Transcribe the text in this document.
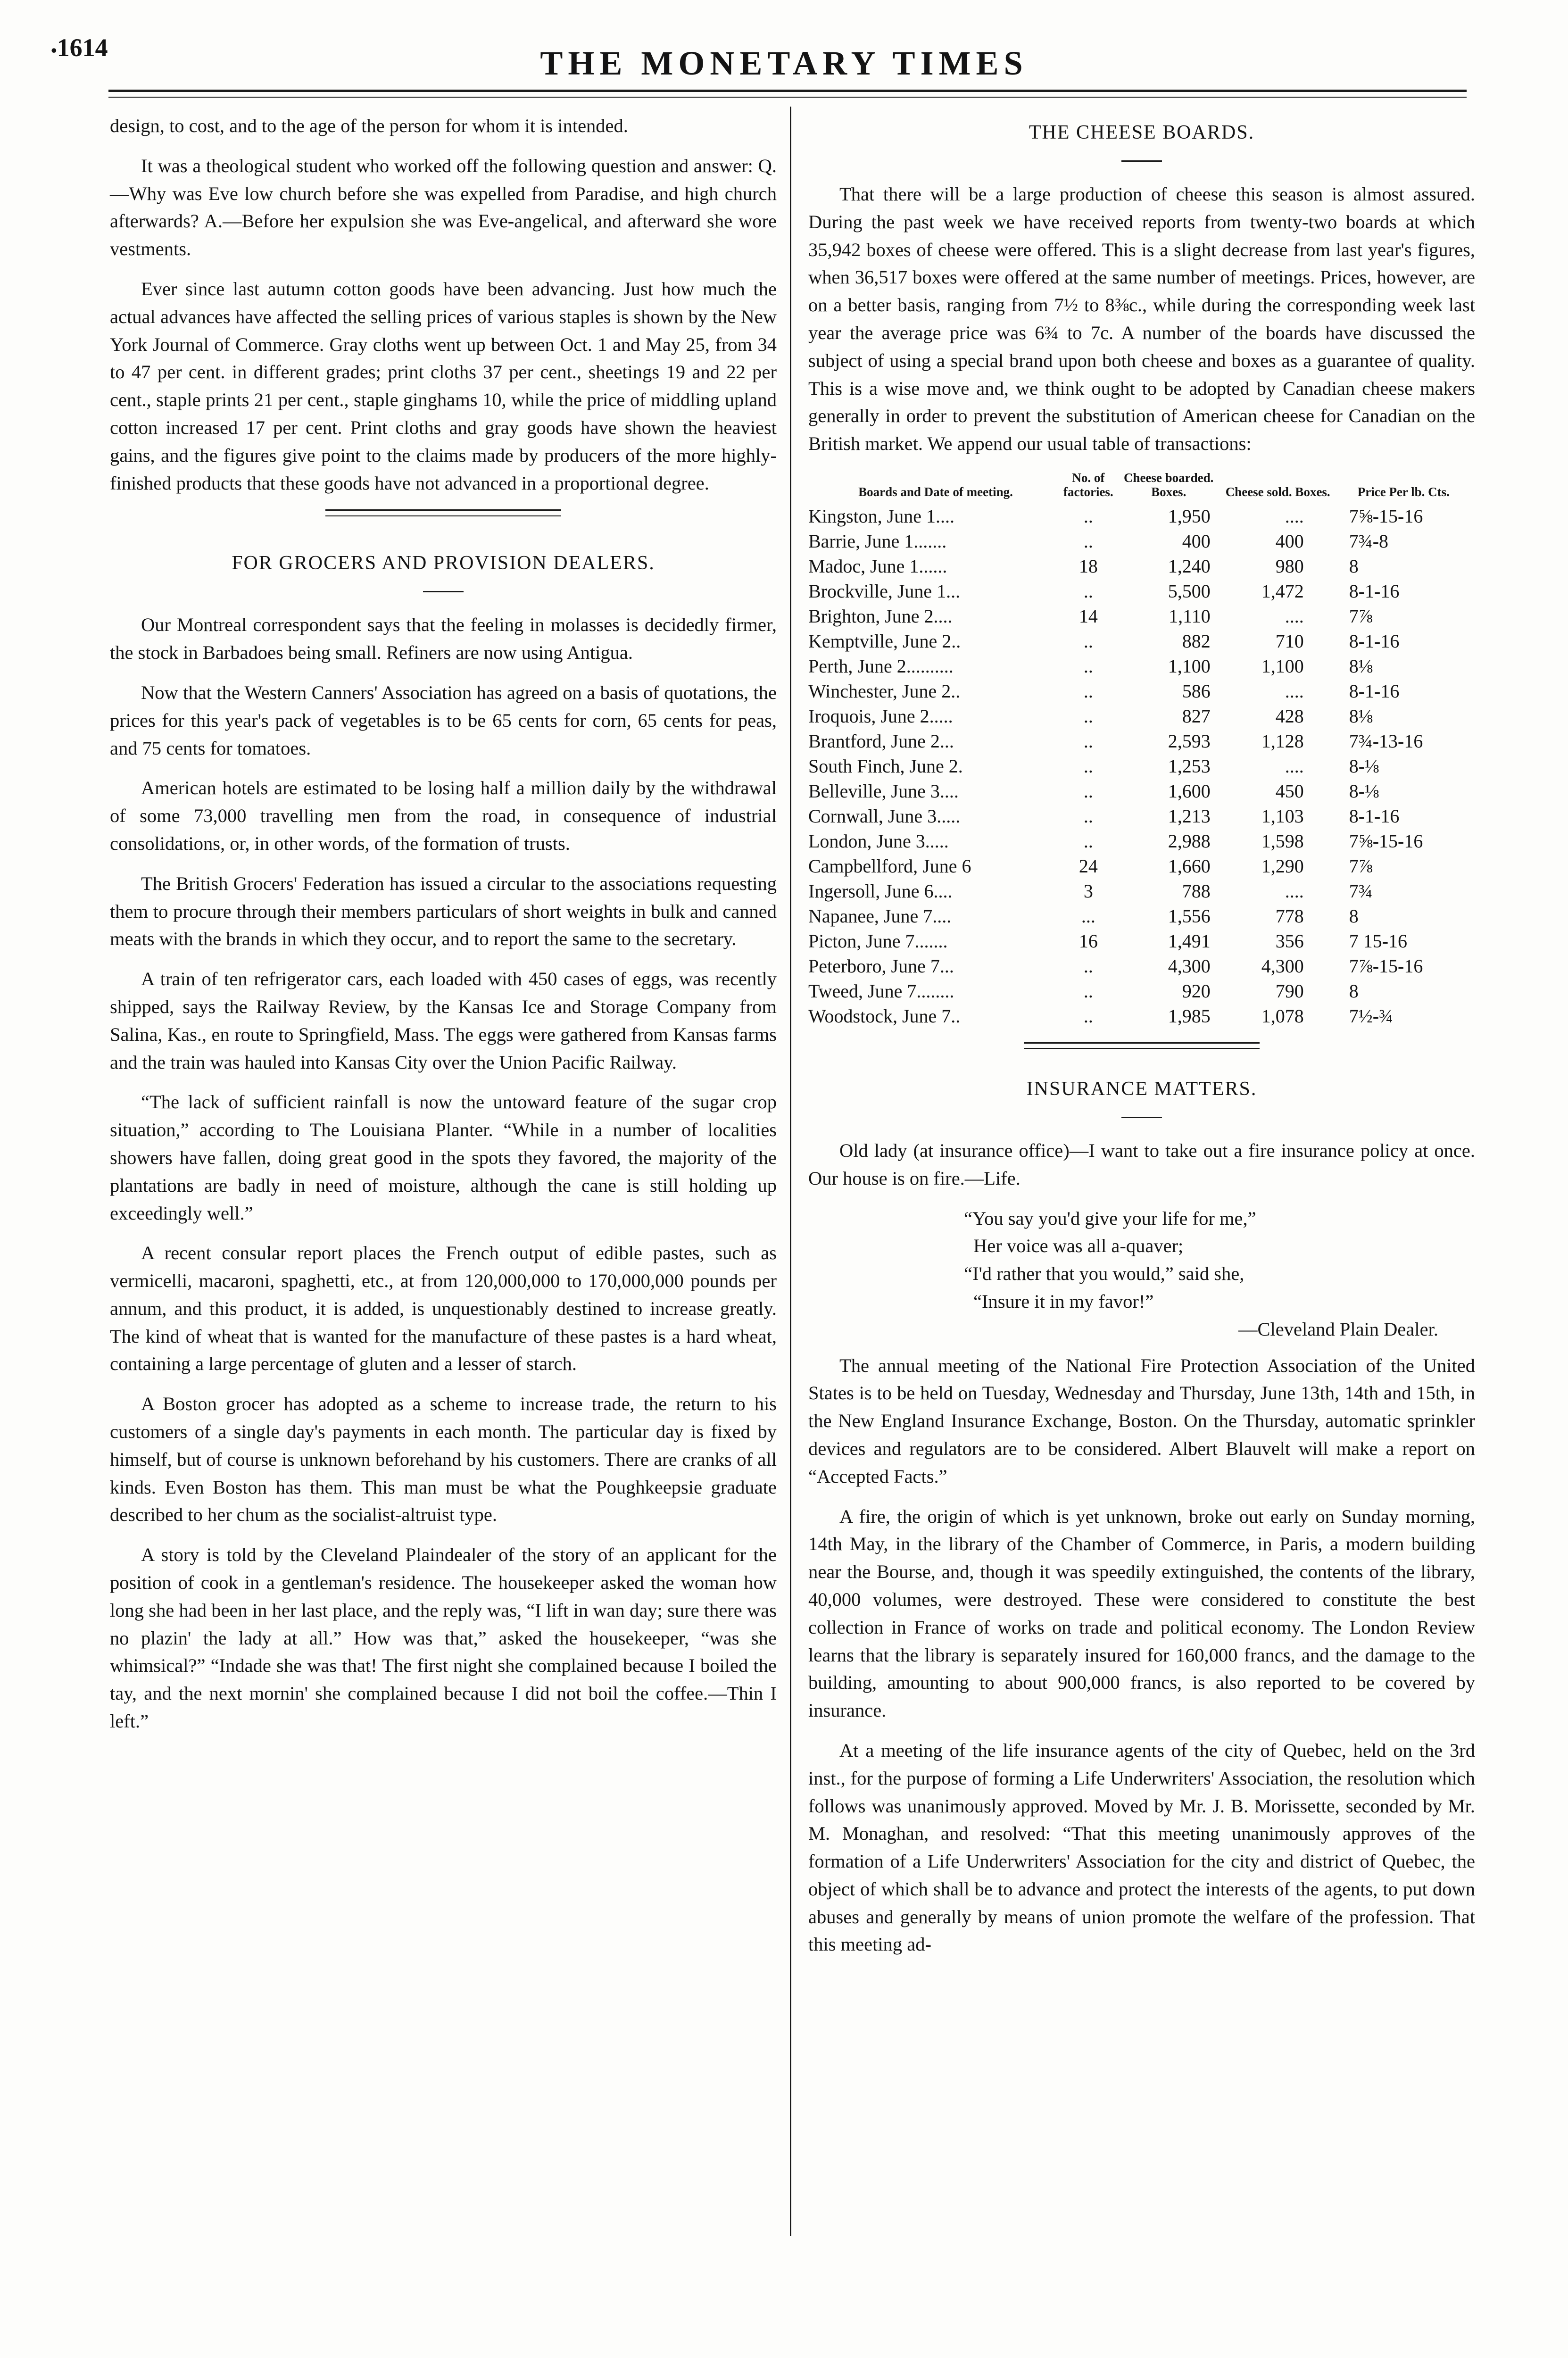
• 1614	THE MONETARY TIMES

design, to cost, and to the age of the person for whom it is intended.

It was a theological student who worked off the following question and answer: Q.—Why was Eve low church before she was expelled from Paradise, and high church afterwards? A.—Before her expulsion she was Eve-angelical, and afterward she wore vestments.

Ever since last autumn cotton goods have been advancing. Just how much the actual advances have affected the selling prices of various staples is shown by the New York Journal of Commerce. Gray cloths went up between Oct. 1 and May 25, from 34 to 47 per cent. in different grades; print cloths 37 per cent., sheetings 19 and 22 per cent., staple prints 21 per cent., staple ginghams 10, while the price of middling upland cotton increased 17 per cent. Print cloths and gray goods have shown the heaviest gains, and the figures give point to the claims made by producers of the more highly-finished products that these goods have not advanced in a proportional degree.

FOR GROCERS AND PROVISION DEALERS.

Our Montreal correspondent says that the feeling in molasses is decidedly firmer, the stock in Barbadoes being small. Refiners are now using Antigua.

Now that the Western Canners' Association has agreed on a basis of quotations, the prices for this year's pack of vegetables is to be 65 cents for corn, 65 cents for peas, and 75 cents for tomatoes.

American hotels are estimated to be losing half a million daily by the withdrawal of some 73,000 travelling men from the road, in consequence of industrial consolidations, or, in other words, of the formation of trusts.

The British Grocers' Federation has issued a circular to the associations requesting them to procure through their members particulars of short weights in bulk and canned meats with the brands in which they occur, and to report the same to the secretary.

A train of ten refrigerator cars, each loaded with 450 cases of eggs, was recently shipped, says the Railway Review, by the Kansas Ice and Storage Company from Salina, Kas., en route to Springfield, Mass. The eggs were gathered from Kansas farms and the train was hauled into Kansas City over the Union Pacific Railway.

“The lack of sufficient rainfall is now the untoward feature of the sugar crop situation,” according to The Louisiana Planter. “While in a number of localities showers have fallen, doing great good in the spots they favored, the majority of the plantations are badly in need of moisture, although the cane is still holding up exceedingly well.”

A recent consular report places the French output of edible pastes, such as vermicelli, macaroni, spaghetti, etc., at from 120,000,000 to 170,000,000 pounds per annum, and this product, it is added, is unquestionably destined to increase greatly. The kind of wheat that is wanted for the manufacture of these pastes is a hard wheat, containing a large percentage of gluten and a lesser of starch.

A Boston grocer has adopted as a scheme to increase trade, the return to his customers of a single day's payments in each month. The particular day is fixed by himself, but of course is unknown beforehand by his customers. There are cranks of all kinds. Even Boston has them. This man must be what the Poughkeepsie graduate described to her chum as the socialist-altruist type.

A story is told by the Cleveland Plaindealer of the story of an applicant for the position of cook in a gentleman's residence. The housekeeper asked the woman how long she had been in her last place, and the reply was, “I lift in wan day; sure there was no plazin' the lady at all.” How was that,” asked the housekeeper, “was she whimsical?” “Indade she was that! The first night she complained because I boiled the tay, and the next mornin' she complained because I did not boil the coffee.—Thin I left.”

THE CHEESE BOARDS.

That there will be a large production of cheese this season is almost assured. During the past week we have received reports from twenty-two boards at which 35,942 boxes of cheese were offered. This is a slight decrease from last year's figures, when 36,517 boxes were offered at the same number of meetings. Prices, however, are on a better basis, ranging from 7½ to 8⅜c., while during the corresponding week last year the average price was 6¾ to 7c. A number of the boards have discussed the subject of using a special brand upon both cheese and boxes as a guarantee of quality. This is a wise move and, we think ought to be adopted by Canadian cheese makers generally in order to prevent the substitution of American cheese for Canadian on the British market. We append our usual table of transactions:

Boards and Date of meeting.	No. of factories.	Cheese boarded. Boxes.	Cheese sold. Boxes.	Price Per lb. Cts.
Kingston, June 1....	..	1,950	....	7⅝-15-16
Barrie, June 1.......	..	400	400	7¾-8
Madoc, June 1......	18	1,240	980	8
Brockville, June 1...	..	5,500	1,472	8-1-16
Brighton, June 2....	14	1,110	....	7⅞
Kemptville, June 2..	..	882	710	8-1-16
Perth, June 2..........	..	1,100	1,100	8⅛
Winchester, June 2..	..	586	....	8-1-16
Iroquois, June 2.....	..	827	428	8⅛
Brantford, June 2...	..	2,593	1,128	7¾-13-16
South Finch, June 2.	..	1,253	....	8-⅛
Belleville, June 3....	..	1,600	450	8-⅛
Cornwall, June 3.....	..	1,213	1,103	8-1-16
London, June 3.....	..	2,988	1,598	7⅝-15-16
Campbellford, June 6	24	1,660	1,290	7⅞
Ingersoll, June 6....	3	788	....	7¾
Napanee, June 7....	...	1,556	778	8
Picton, June 7.......	16	1,491	356	7 15-16
Peterboro, June 7...	..	4,300	4,300	7⅞-15-16
Tweed, June 7........	..	920	790	8
Woodstock, June 7..	..	1,985	1,078	7½-¾
INSURANCE MATTERS.

Old lady (at insurance office)—I want to take out a fire insurance policy at once. Our house is on fire.—Life.

“You say you'd give your life for me,”
Her voice was all a-quaver;
“I'd rather that you would,” said she,
“Insure it in my favor!”
—Cleveland Plain Dealer.

The annual meeting of the National Fire Protection Association of the United States is to be held on Tuesday, Wednesday and Thursday, June 13th, 14th and 15th, in the New England Insurance Exchange, Boston. On the Thursday, automatic sprinkler devices and regulators are to be considered. Albert Blauvelt will make a report on “Accepted Facts.”

A fire, the origin of which is yet unknown, broke out early on Sunday morning, 14th May, in the library of the Chamber of Commerce, in Paris, a modern building near the Bourse, and, though it was speedily extinguished, the contents of the library, 40,000 volumes, were destroyed. These were considered to constitute the best collection in France of works on trade and political economy. The London Review learns that the library is separately insured for 160,000 francs, and the damage to the building, amounting to about 900,000 francs, is also reported to be covered by insurance.

At a meeting of the life insurance agents of the city of Quebec, held on the 3rd inst., for the purpose of forming a Life Underwriters' Association, the resolution which follows was unanimously approved. Moved by Mr. J. B. Morissette, seconded by Mr. M. Monaghan, and resolved: “That this meeting unanimously approves of the formation of a Life Underwriters' Association for the city and district of Quebec, the object of which shall be to advance and protect the interests of the agents, to put down abuses and generally by means of union promote the welfare of the profession. That this meeting ad-
